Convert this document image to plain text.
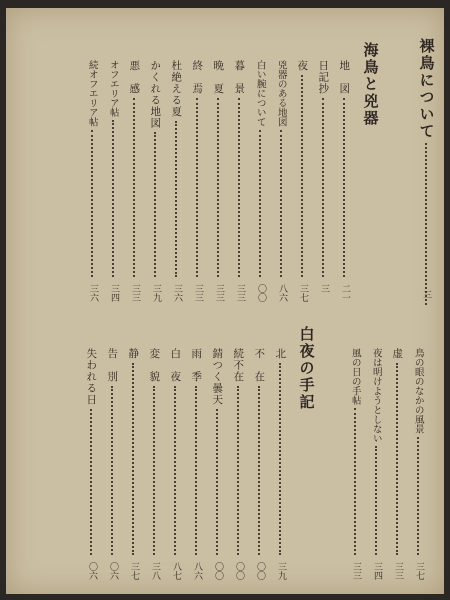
裸鳥について
三
海鳥と兇器
地　図
二一
日記抄
三
夜
三七
兇器のある地図
八六
白い腕について
〇〇
暮　景
三三
晩　夏
三三
終　焉
三三
杜絶える夏
三六
かくれる地図
三九
悪　感
三三
オフエリア帖
三四
続オフエリア帖
三六
鳥の眼のなかの風景
三七
虚
三三
夜は明けようとしない
三四
風の日の手帖
三三
白夜の手記
北
三九
不　在
〇〇
続不在
〇〇
錆つく曇天
〇〇
雨　季
八六
白　夜
八七
変　貌
三八
静
三七
告　別
〇六
失われる日
〇六
